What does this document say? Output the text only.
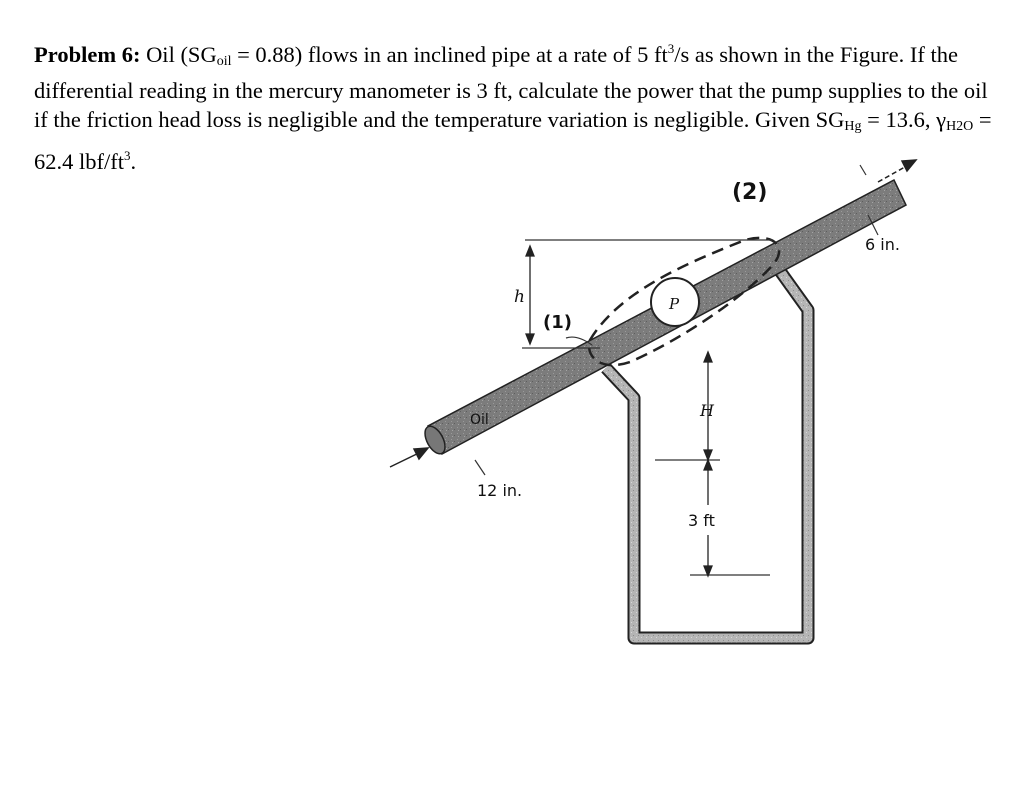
Problem 6: Oil $(SG_{oil} = 0.88)$ flows in an inclined pipe at a rate of 5 $ft^3/s$ as shown in the Figure. If the differential reading in the mercury manometer is 3 ft, calculate the power that the pump supplies to the oil if the friction head loss is negligible and the temperature variation is negligible. Given $SG_{Hg} = 13.6$, $\gamma_{H2O} = 62.4$ lbf/$ft^3$.
P
h
H
3 ft
Oil
12 in.
6 in.
(1)
(2)
